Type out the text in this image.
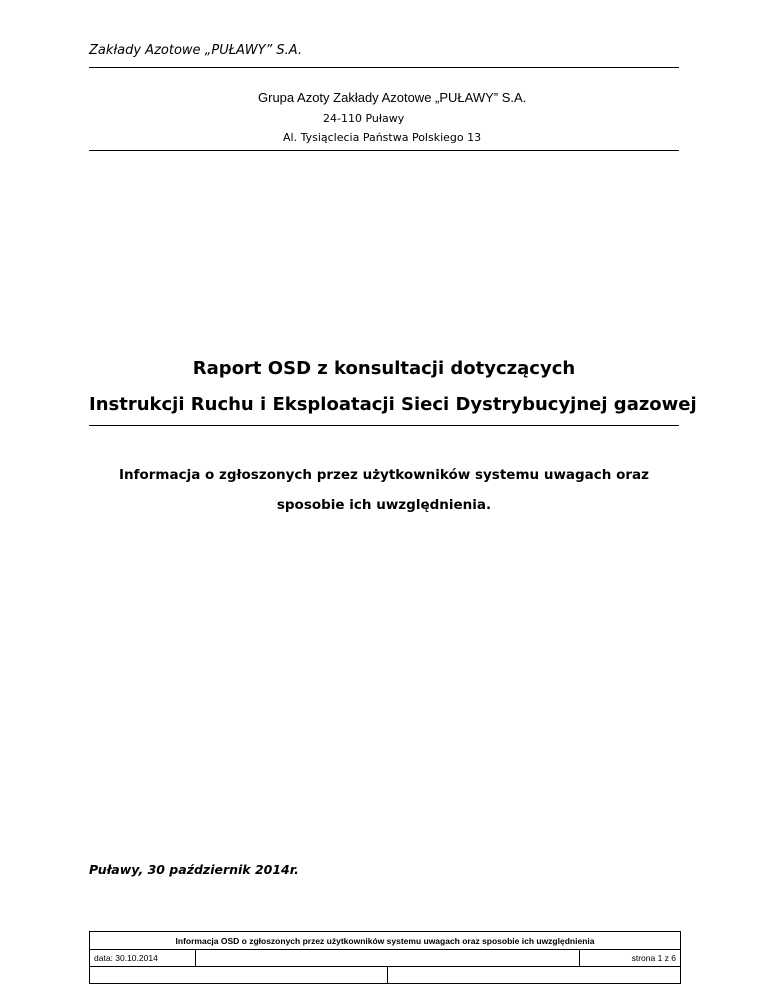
Zakłady Azotowe „PUŁAWY” S.A.
Grupa Azoty Zakłady Azotowe „PUŁAWY” S.A.
24-110 Puławy
Al. Tysiąclecia Państwa Polskiego 13
Raport OSD z konsultacji dotyczących
Instrukcji Ruchu i Eksploatacji Sieci Dystrybucyjnej gazowej
Informacja o zgłoszonych przez użytkowników systemu uwagach oraz
sposobie ich uwzględnienia.
Puławy, 30 październik 2014r.
Informacja OSD o zgłoszonych przez użytkowników systemu uwagach oraz sposobie ich uwzględnienia			
data: 30.10.2014			strona 1 z 6
